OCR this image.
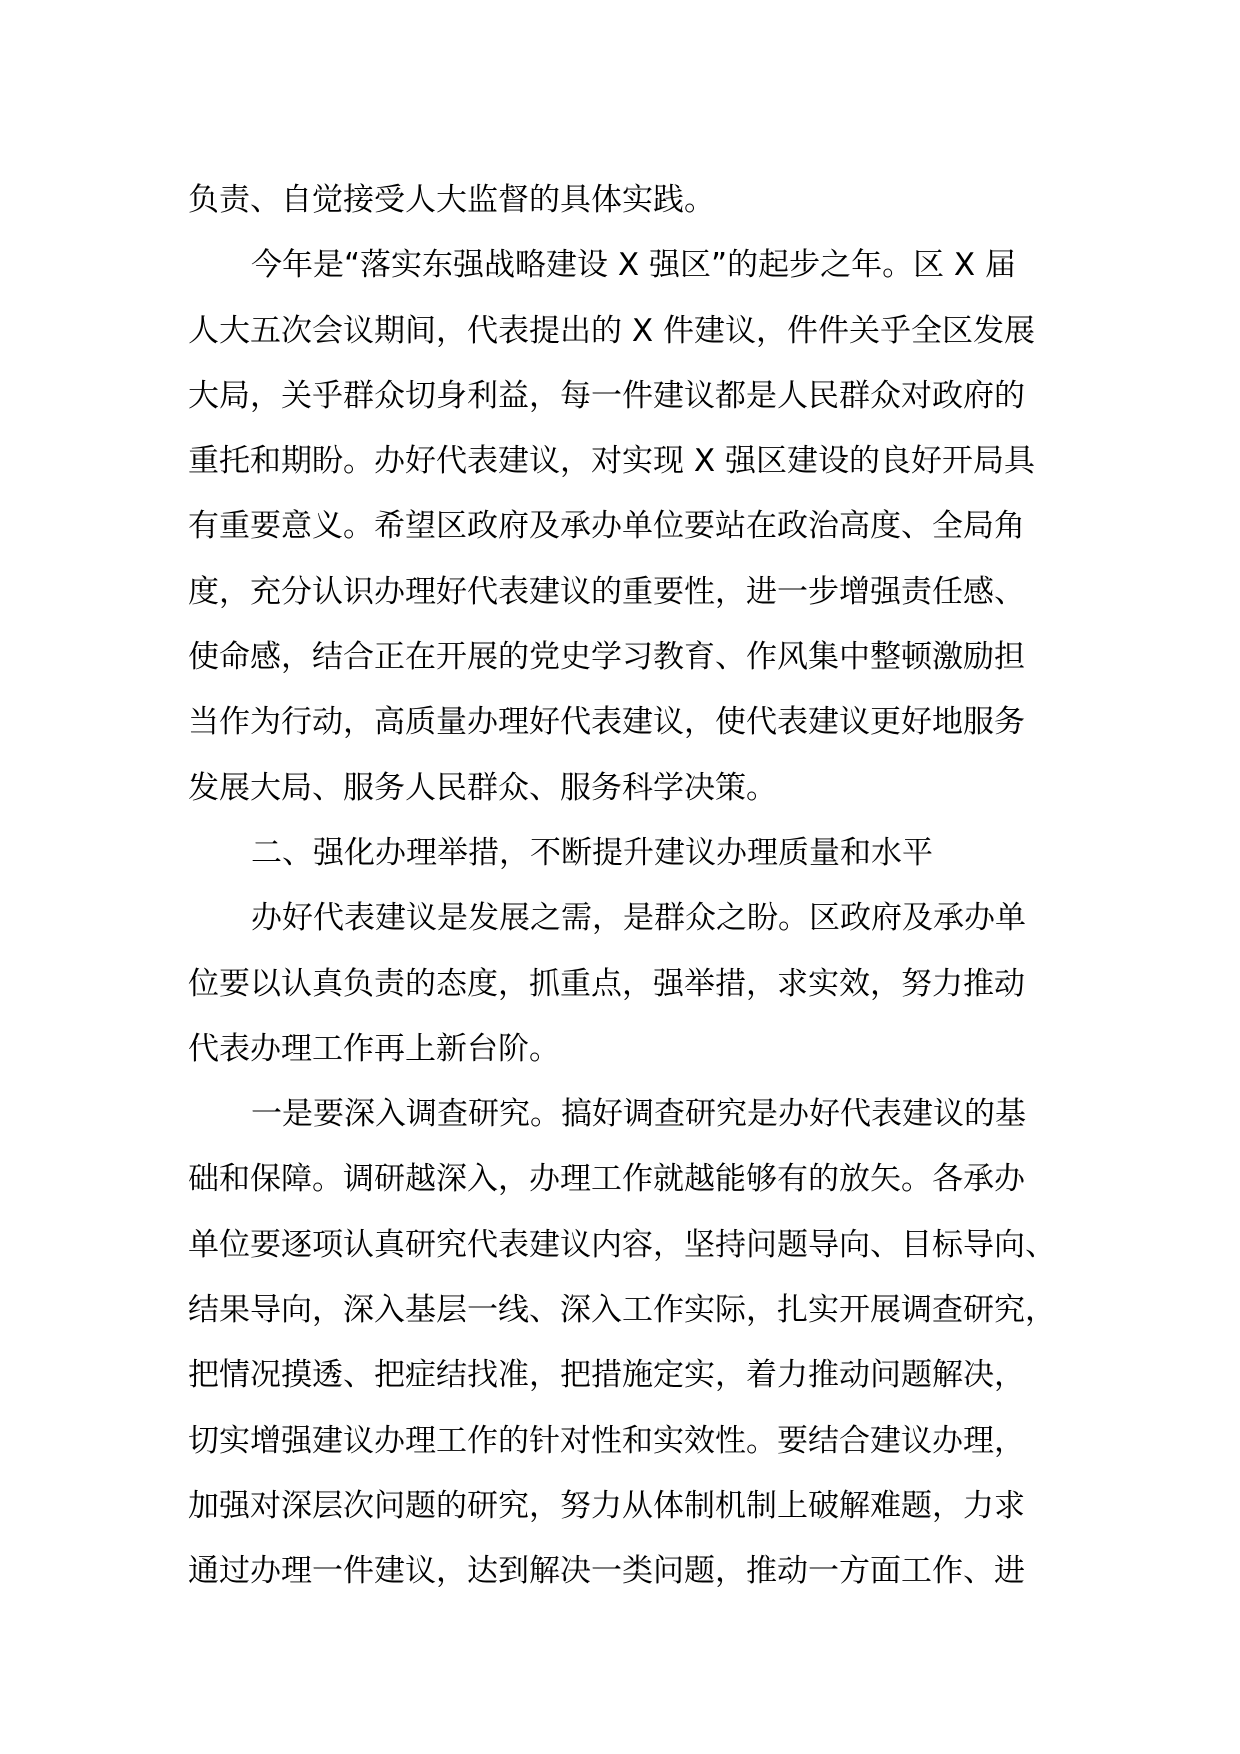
负责、自觉接受人大监督的具体实践。
今年是“落实东强战略建设 X 强区”的起步之年。区 X 届
人大五次会议期间，代表提出的 X 件建议，件件关乎全区发展
大局，关乎群众切身利益，每一件建议都是人民群众对政府的
重托和期盼。办好代表建议，对实现 X 强区建设的良好开局具
有重要意义。希望区政府及承办单位要站在政治高度、全局角
度，充分认识办理好代表建议的重要性，进一步增强责任感、
使命感，结合正在开展的党史学习教育、作风集中整顿激励担
当作为行动，高质量办理好代表建议，使代表建议更好地服务
发展大局、服务人民群众、服务科学决策。
二、强化办理举措，不断提升建议办理质量和水平
办好代表建议是发展之需，是群众之盼。区政府及承办单
位要以认真负责的态度，抓重点，强举措，求实效，努力推动
代表办理工作再上新台阶。
一是要深入调查研究。搞好调查研究是办好代表建议的基
础和保障。调研越深入，办理工作就越能够有的放矢。各承办
单位要逐项认真研究代表建议内容，坚持问题导向、目标导向、
结果导向，深入基层一线、深入工作实际，扎实开展调查研究，
把情况摸透、把症结找准，把措施定实，着力推动问题解决，
切实增强建议办理工作的针对性和实效性。要结合建议办理，
加强对深层次问题的研究，努力从体制机制上破解难题，力求
通过办理一件建议，达到解决一类问题，推动一方面工作、进
